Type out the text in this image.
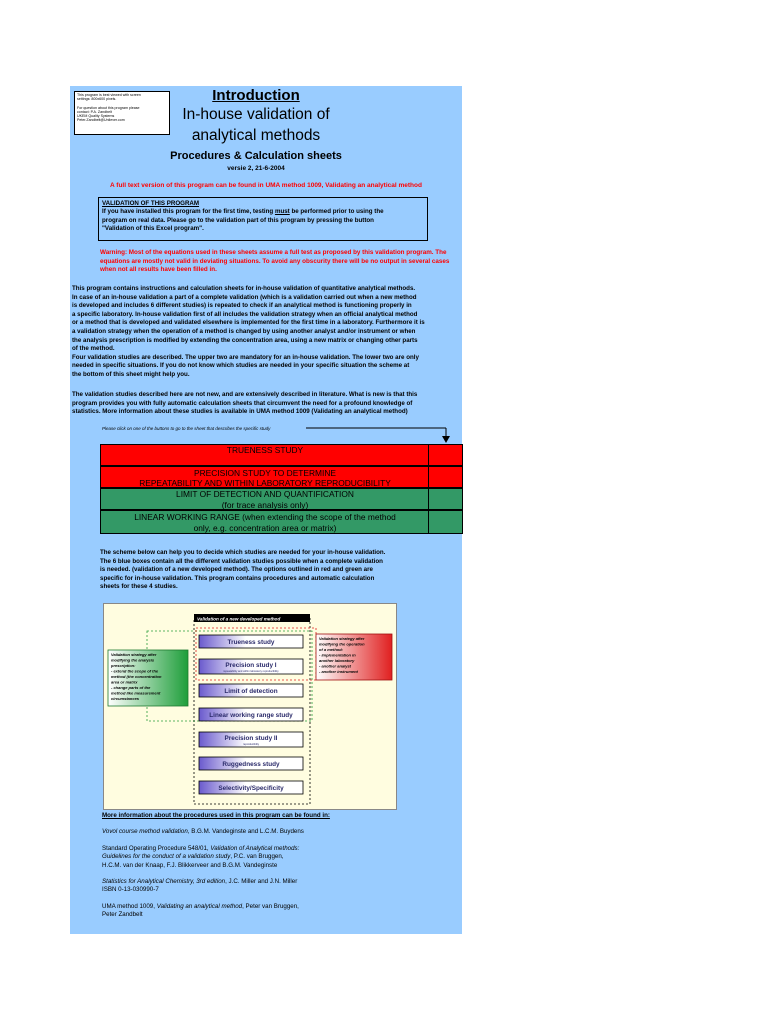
This program is best viewed with screen
settings: 800x600 pixels.

For question about this program please
contact: P.A. Zandbelt
UKEM Quality Systems
Peter.Zandbelt@Unilever.com
Introduction
In-house validation of
analytical methods
Procedures & Calculation sheets
versie 2, 21-6-2004
A full text version of this program can be found in UMA method 1009, Validating an analytical method
VALIDATION OF THIS PROGRAM
If you have installed this program for the first time, testing must be performed prior to using the
program on real data. Please go to the validation part of this program by pressing the button
"Validation of this Excel program".
Warning: Most of the equations used in these sheets assume a full test as proposed by this validation program. The equations are mostly not valid in deviating situations. To avoid any obscurity there will be no output in several cases when not all results have been filled in.
This program contains instructions and calculation sheets for in-house validation of quantitative analytical methods.
In case of an in-house validation a part of a complete validation (which is a validation carried out when a new method
is developed and includes 6 different studies) is repeated to check if an analytical method is functioning properly in
a specific laboratory. In-house validation first of all includes the validation strategy when an official analytical method
or a method that is developed and validated elsewhere is implemented for the first time in a laboratory. Furthermore it is
a validation strategy when the operation of a method is changed by using another analyst and/or instrument or when
the analysis prescription is modified by extending the concentration area, using a new matrix or changing other parts
of the method.
Four validation studies are described. The upper two are mandatory for an in-house validation. The lower two are only
needed in specific situations. If you do not know which studies are needed in your specific situation the scheme at
the bottom of this sheet might help you.
The validation studies described here are not new, and are extensively described in literature. What is new is that this
program provides you with fully automatic calculation sheets that circumvent the need for a profound knowledge of
statistics. More information about these studies is available in UMA method 1009 (Validating an analytical method)
Please click on one of the buttons to go to the sheet that describes the specific study
TRUENESS STUDY
PRECISION STUDY TO DETERMINE
REPEATABILITY AND WITHIN LABORATORY REPRODUCIBILITY
LIMIT OF DETECTION AND QUANTIFICATION
(for trace analysis only)
LINEAR WORKING RANGE (when extending the scope of the method
only, e.g. concentration area or matrix)
The scheme below can help you to decide which studies are needed for your in-house validation.
The 6 blue boxes contain all the different validation studies possible when a complete validation
is needed. (validation of a new developed method). The options outlined in red and green are
specific for in-house validation. This program contains procedures and automatic calculation
sheets for these 4 studies.
Validation of a new developed method
Trueness study
Precision study I
repeatability and within laboratory reproducibility
Limit of detection
Linear working range study
Precision study II
reproducibility
Ruggedness study
Selectivity/Specificity
Validation strategy after
modifying the analysis
prescription:
- extend the scope of the
method (the concentration
area or matrix
- change parts of the
method like measurement
circumstances
Validation strategy after
modifying the operation
of a method:
- implementation in
another laboratory
- another analyst
- another instrument

More information about the procedures used in this program can be found in:

Vovol course method validation, B.G.M. Vandeginste and L.C.M. Buydens

Standard Operating Procedure 548/01, Validation of Analytical methods:
Guidelines for the conduct of a validation study, P.C. van Bruggen,
H.C.M. van der Knaap, F.J. Blikkerveer and B.G.M. Vandeginste

Statistics for Analytical Chemistry, 3rd edition, J.C. Miller and J.N. Miller
ISBN 0-13-030990-7

UMA method 1009, Validating an analytical method, Peter van Bruggen,
Peter Zandbelt
